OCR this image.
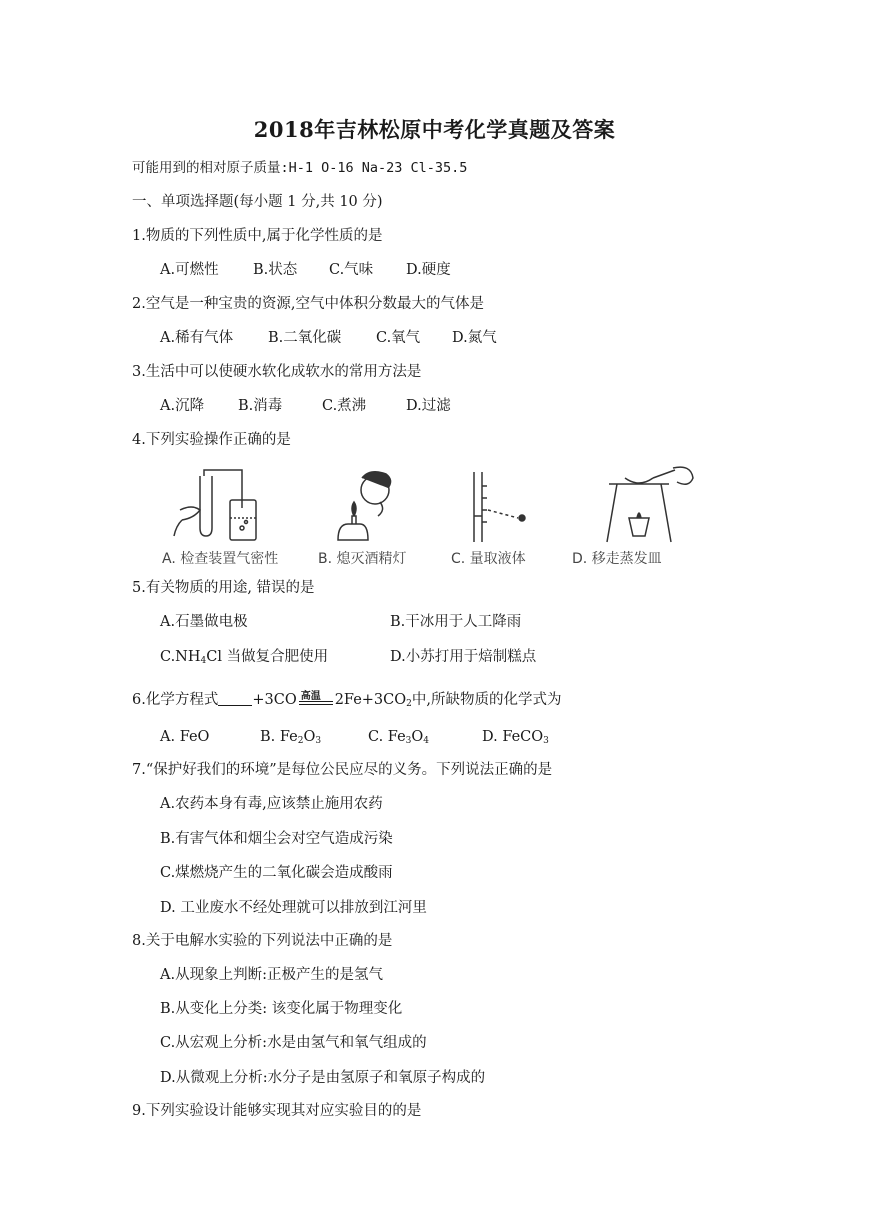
2018年吉林松原中考化学真题及答案
可能用到的相对原子质量:H-1 O-16 Na-23 Cl-35.5
一、单项选择题(每小题 1 分,共 10 分)
1.物质的下列性质中,属于化学性质的是
A.可燃性 B.状态 C.气味 D.硬度
2.空气是一种宝贵的资源,空气中体积分数最大的气体是
A.稀有气体 B.二氧化碳 C.氧气 D.氮气
3.生活中可以使硬水软化成软水的常用方法是
A.沉降 B.消毒	C.煮沸	D.过滤
4.下列实验操作正确的是
A. 检查装置气密性	B. 熄灭酒精灯	C. 量取液体	D. 移走蒸发皿
5.有关物质的用途, 错误的是
A.石墨做电极	B.干冰用于人工降雨
$C.NH_4Cl$ 当做复合肥使用	D.小苏打用于焙制糕点
6.化学方程式 +3CO 高温 $2Fe+3CO_2$中,所缺物质的化学式为
A. FeO	B. $Fe_2O_3$	C. $Fe_3O_4$	D. FeCO$_3$
7.“保护好我们的环境”是每位公民应尽的义务。下列说法正确的是
A.农药本身有毒,应该禁止施用农药
B.有害气体和烟尘会对空气造成污染
C.煤燃烧产生的二氧化碳会造成酸雨
D. 工业废水不经处理就可以排放到江河里
8.关于电解水实验的下列说法中正确的是
A.从现象上判断:正极产生的是氢气
B.从变化上分类: 该变化属于物理变化
C.从宏观上分析:水是由氢气和氧气组成的
D.从微观上分析:水分子是由氢原子和氧原子构成的
9.下列实验设计能够实现其对应实验目的的是
